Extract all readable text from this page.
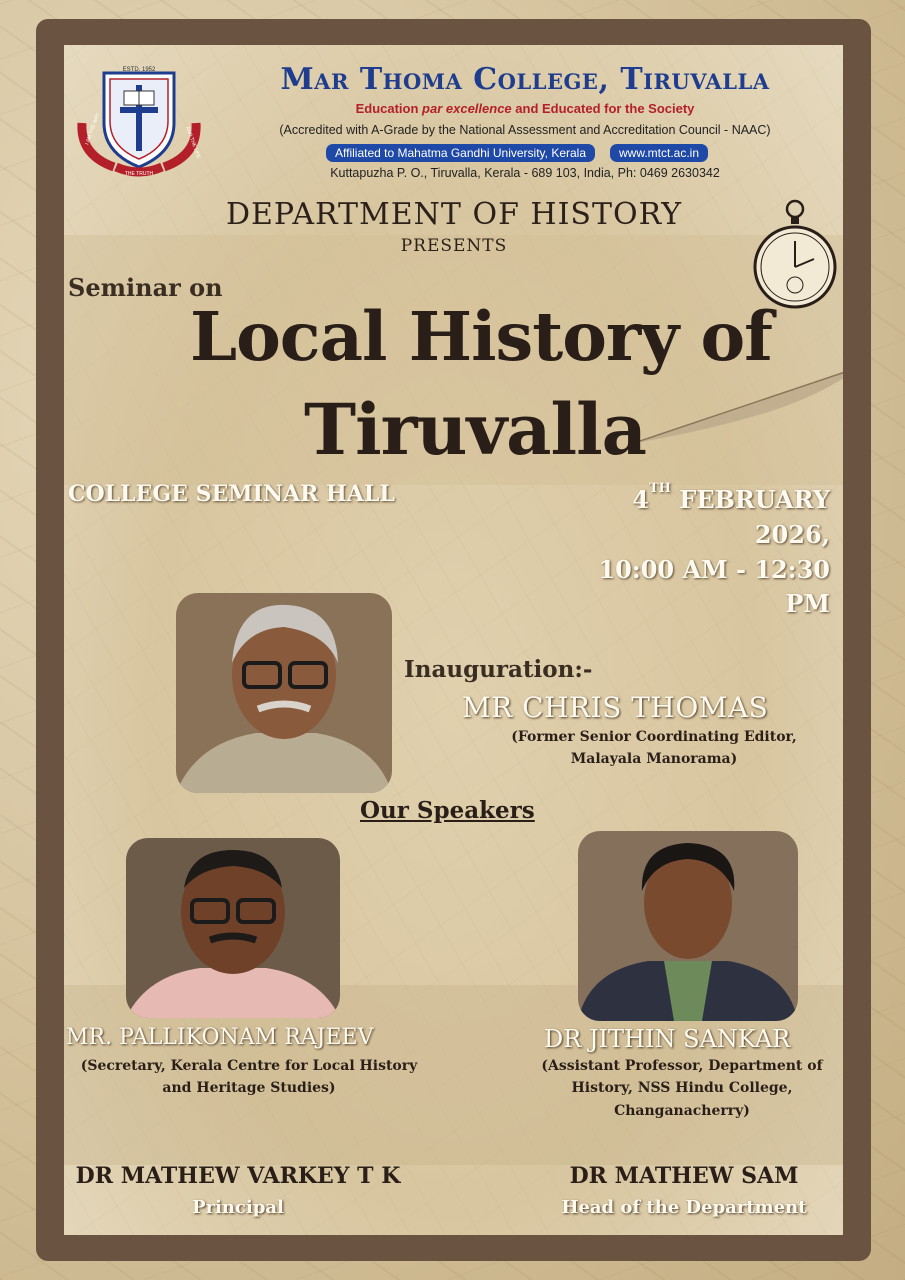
ESTD. 1952
I AM THE WAY
THE TRUTH
AND THE LIFE
Mar Thoma College, Tiruvalla
Education par excellence and Educated for the Society
(Accredited with A-Grade by the National Assessment and Accreditation Council - NAAC)
Affiliated to Mahatma Gandhi University, Kerala	www.mtct.ac.in
Kuttapuzha P. O., Tiruvalla, Kerala - 689 103, India, Ph: 0469 2630342
DEPARTMENT OF HISTORY
PRESENTS
Seminar on
Local History of
Tiruvalla
COLLEGE SEMINAR HALL	4TH FEBRUARY 2026,
10:00 AM - 12:30 PM
Inauguration:-
MR CHRIS THOMAS
(Former Senior Coordinating Editor,
Malayala Manorama)
Our Speakers
MR. PALLIKONAM RAJEEV
(Secretary, Kerala Centre for Local History
and Heritage Studies)
DR JITHIN SANKAR
(Assistant Professor, Department of
History, NSS Hindu College,
Changanacherry)
DR MATHEW VARKEY T K
Principal
DR MATHEW SAM
Head of the Department
